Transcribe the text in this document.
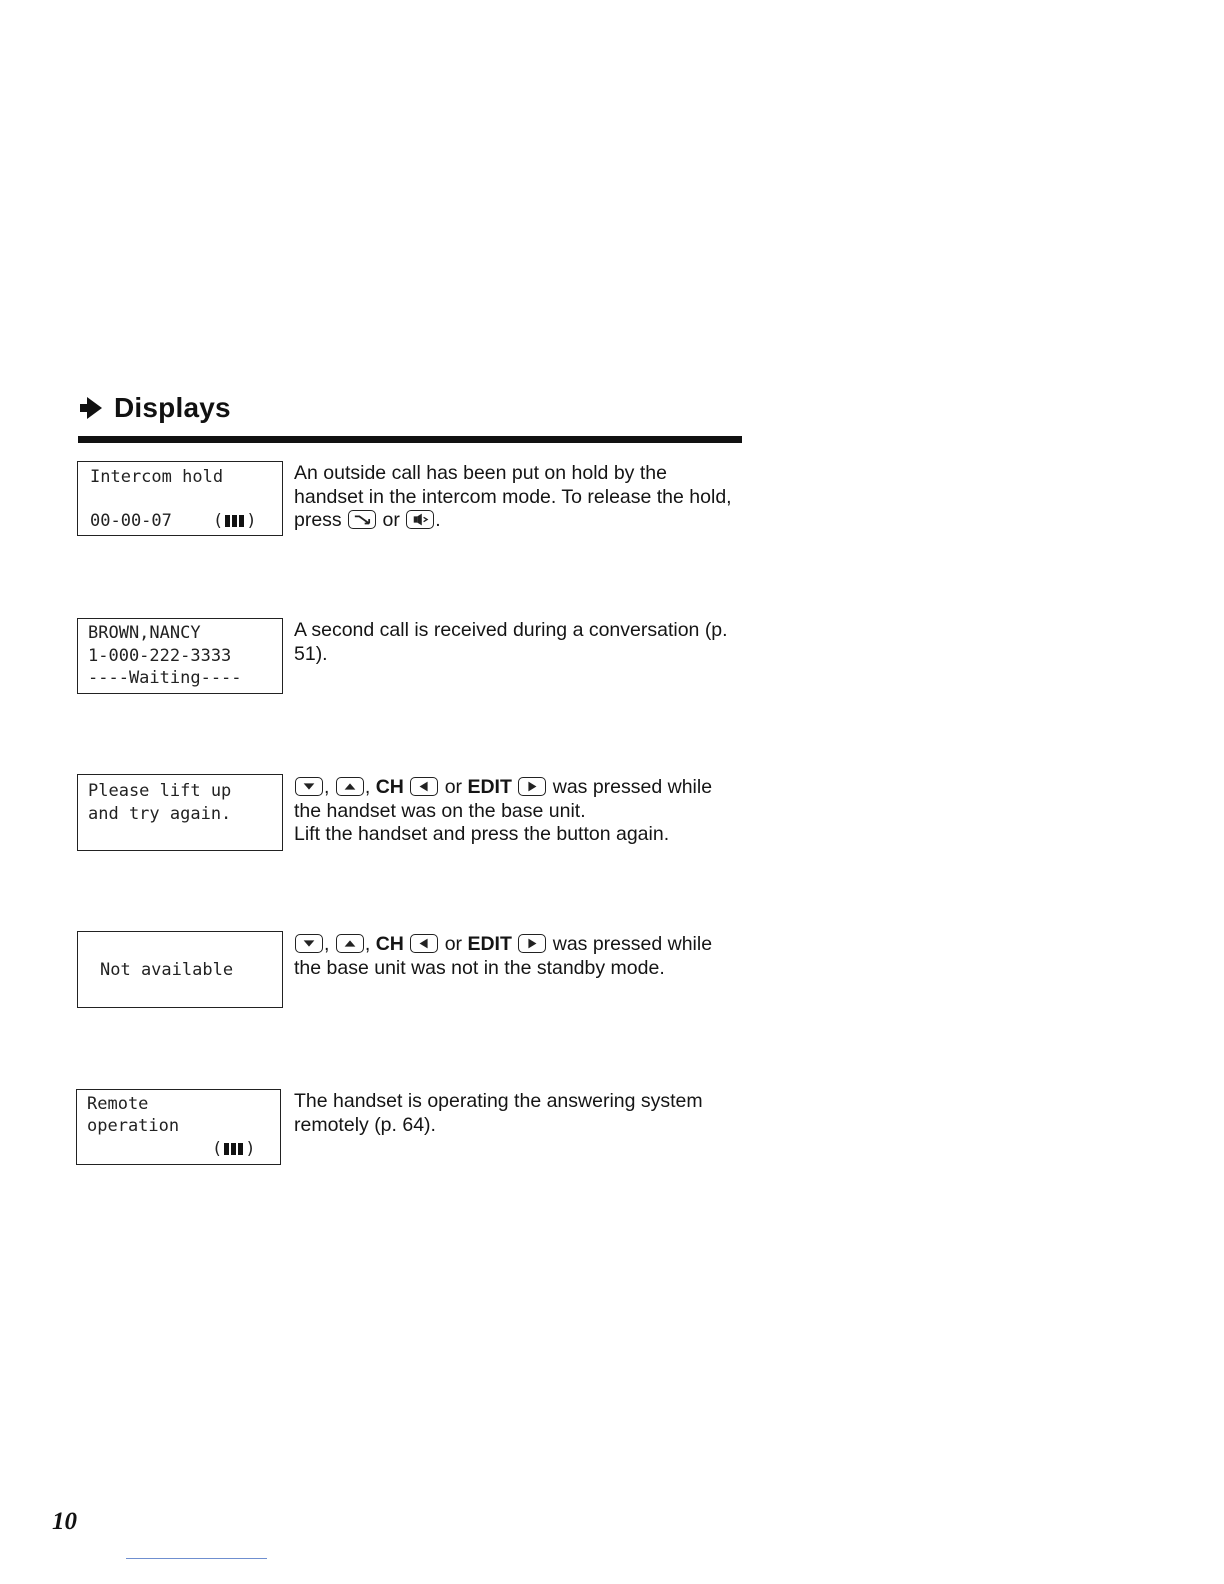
Displays
Intercom hold
00-00-07 ( )

An outside call has been put on hold by the handset in the intercom mode. To release the hold, press
or
.

BROWN,NANCY
1-000-222-3333
----Waiting----

A second call is received during a conversation (p. 51).

Please lift up
and try again.

,
, CH
or EDIT
was pressed while the handset was on the base unit.

Lift the handset and press the button again.

Not available

,
, CH
or EDIT
was pressed while the base unit was not in the standby mode.

Remote
operation
( )

The handset is operating the answering system remotely (p. 64).

10
